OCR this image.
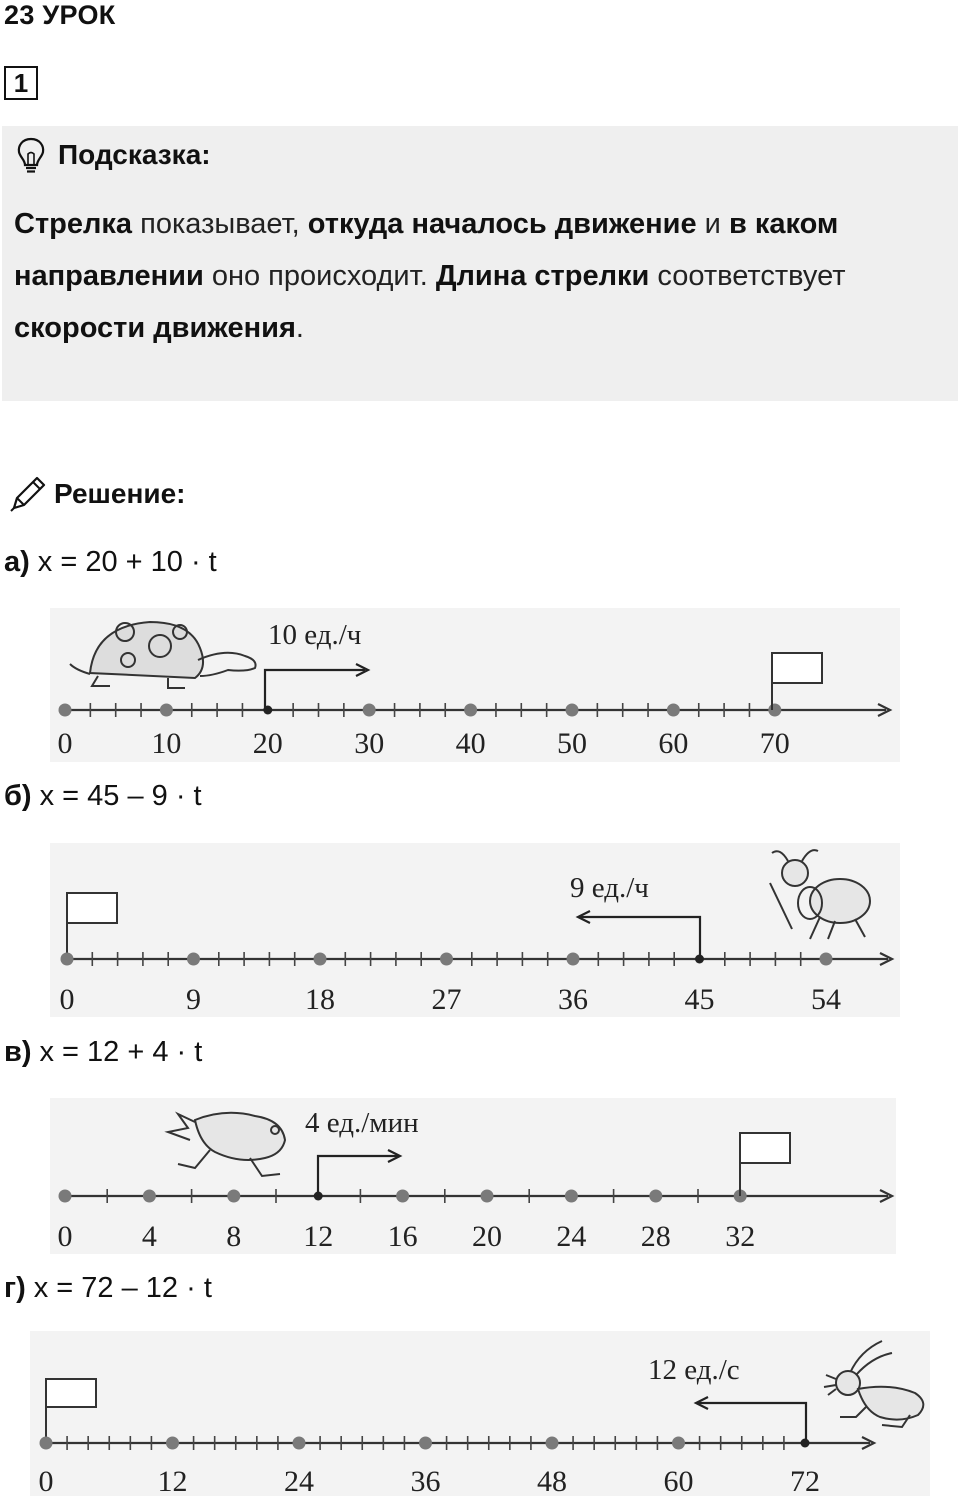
23 УРОК
1
Подсказка:
Стрелка показывает, откуда началось движение и в каком направлении оно происходит. Длина стрелки соответствует скорости движения.
Решение:
а) x = 20 + 10 · t
0	10 20 30 40 50 60 70
10 ед./ч
б) x = 45 – 9 · t
0	9	18	27	36	45	54
9 ед./ч
в) x = 12 + 4 · t
0 4 8 12 16 20 24 28 32
4 ед./мин
г) x = 72 – 12 · t
0	12	24	36	48	60	72
12 ед./с
